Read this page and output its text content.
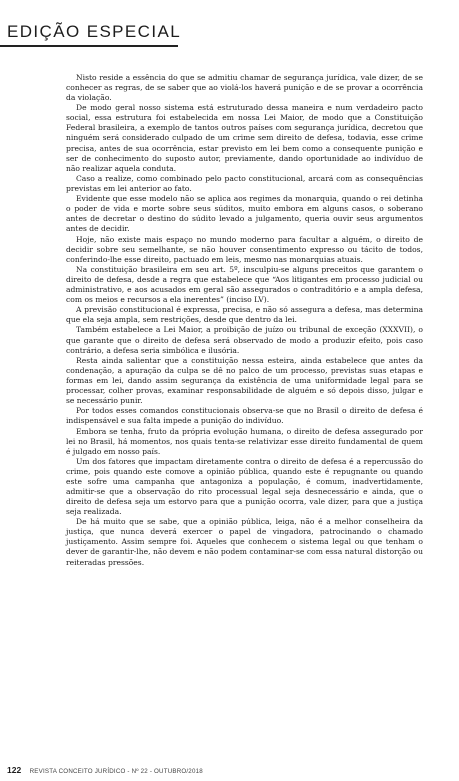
EDIÇÃO ESPECIAL

Nisto reside a essência do que se admitiu chamar de segurança jurídica, vale dizer, de se conhecer as regras, de se saber que ao violá-los haverá punição e de se provar a ocorrência da violação.

De modo geral nosso sistema está estruturado dessa maneira e num verdadeiro pacto social, essa estrutura foi estabelecida em nossa Lei Maior, de modo que a Constituição Federal brasileira, a exemplo de tantos outros países com segurança jurídica, decretou que ninguém será considerado culpado de um crime sem direito de defesa, todavia, esse crime precisa, antes de sua ocorrência, estar previsto em lei bem como a consequente punição e ser de conhecimento do suposto autor, previamente, dando oportunidade ao indivíduo de não realizar aquela conduta.

Caso a realize, como combinado pelo pacto constitucional, arcará com as consequências previstas em lei anterior ao fato.

Evidente que esse modelo não se aplica aos regimes da monarquia, quando o rei detinha o poder de vida e morte sobre seus súditos, muito embora em alguns casos, o soberano antes de decretar o destino do súdito levado a julgamento, queria ouvir seus argumentos antes de decidir.

Hoje, não existe mais espaço no mundo moderno para facultar a alguém, o direito de decidir sobre seu semelhante, se não houver consentimento expresso ou tácito de todos, conferindo-lhe esse direito, pactuado em leis, mesmo nas monarquias atuais.

Na constituição brasileira em seu art. 5º, insculpiu-se alguns preceitos que garantem o direito de defesa, desde a regra que estabelece que “Aos litigantes em processo judicial ou administrativo, e aos acusados em geral são assegurados o contraditório e a ampla defesa, com os meios e recursos a ela inerentes” (inciso LV).

A previsão constitucional é expressa, precisa, e não só assegura a defesa, mas determina que ela seja ampla, sem restrições, desde que dentro da lei.

Também estabelece a Lei Maior, a proibição de juízo ou tribunal de exceção (XXXVII), o que garante que o direito de defesa será observado de modo a produzir efeito, pois caso contrário, a defesa seria simbólica e ilusória.

Resta ainda salientar que a constituição nessa esteira, ainda estabelece que antes da condenação, a apuração da culpa se dê no palco de um processo, previstas suas etapas e formas em lei, dando assim segurança da existência de uma uniformidade legal para se processar, colher provas, examinar responsabilidade de alguém e só depois disso, julgar e se necessário punir.

Por todos esses comandos constitucionais observa-se que no Brasil o direito de defesa é indispensável e sua falta impede a punição do indivíduo.

Embora se tenha, fruto da própria evolução humana, o direito de defesa assegurado por lei no Brasil, há momentos, nos quais tenta-se relativizar esse direito fundamental de quem é julgado em nosso país.

Um dos fatores que impactam diretamente contra o direito de defesa é a repercussão do crime, pois quando este comove a opinião pública, quando este é repugnante ou quando este sofre uma campanha que antagoniza a população, é comum, inadvertidamente, admitir-se que a observação do rito processual legal seja desnecessário e ainda, que o direito de defesa seja um estorvo para que a punição ocorra, vale dizer, para que a justiça seja realizada.

De há muito que se sabe, que a opinião pública, leiga, não é a melhor conselheira da justiça, que nunca deverá exercer o papel de vingadora, patrocinando o chamado justiçamento. Assim sempre foi. Aqueles que conhecem o sistema legal ou que tenham o dever de garantir-lhe, não devem e não podem contaminar-se com essa natural distorção ou reiteradas pressões.

122 REVISTA CONCEITO JURÍDICO - Nº 22 - OUTUBRO/2018
